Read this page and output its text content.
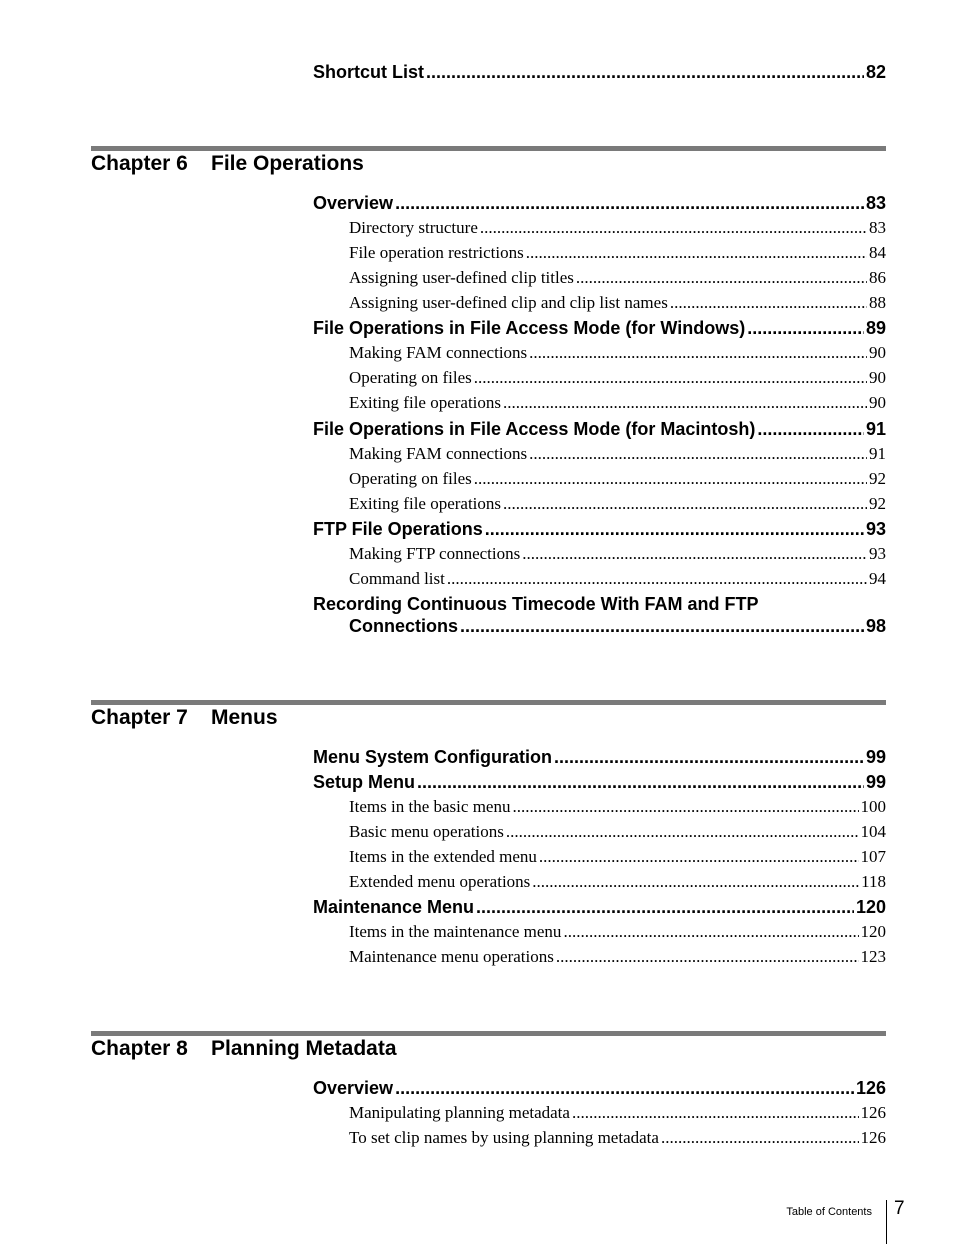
Shortcut List .....	82
Chapter 6 File Operations
Overview .....	83
Directory structure .....	83
File operation restrictions .....	84
Assigning user-defined clip titles .....	86
Assigning user-defined clip and clip list names .....	88
File Operations in File Access Mode (for Windows) .....	89
Making FAM connections .....	90
Operating on files .....	90
Exiting file operations .....	90
File Operations in File Access Mode (for Macintosh) .....	91
Making FAM connections .....	91
Operating on files .....	92
Exiting file operations .....	92
FTP File Operations .....	93
Making FTP connections .....	93
Command list .....	94
Recording Continuous Timecode With FAM and FTP
Connections .....	98
Chapter 7 Menus
Menu System Configuration .....	99
Setup Menu .....	99
Items in the basic menu .....	100
Basic menu operations .....	104
Items in the extended menu .....	107
Extended menu operations .....	118
Maintenance Menu .....	120
Items in the maintenance menu .....	120
Maintenance menu operations .....	123
Chapter 8 Planning Metadata
Overview .....	126
Manipulating planning metadata .....	126
To set clip names by using planning metadata .....	126
Table of Contents 7
